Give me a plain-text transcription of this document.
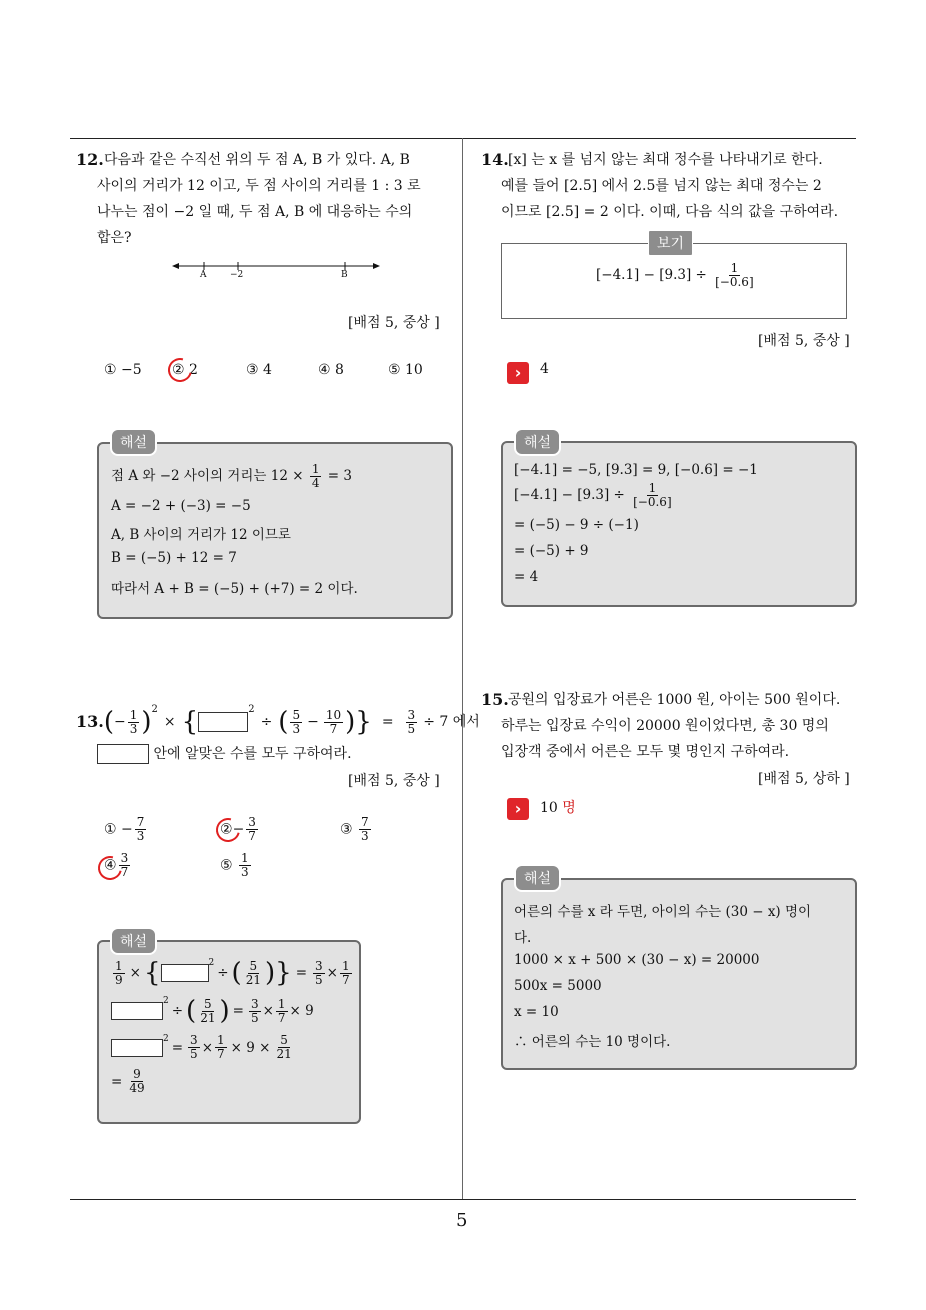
5
12. 다음과 같은 수직선 위의 두 점 A, B 가 있다. A, B
사이의 거리가 12 이고, 두 점 사이의 거리를 1 : 3 로
나누는 점이 −2 일 때, 두 점 A, B 에 대응하는 수의
합은?
A	−2	B
[배점 5, 중상 ]
① −5 ② 2	③ 4	④ 8	⑤ 10
해설
점 A 와 −2 사이의 거리는 $12 \times \frac{1}{4} = 3$
A = −2 + (−3) = −5
A, B 사이의 거리가 12 이므로
B = (−5) + 12 = 7
따라서 A + B = (−5) + (+7) = 2 이다.
13. ( − $\frac{1}{3} )^2$
× {	$^2$
÷ ( $\frac{5}{3} - \frac{10}{7}$ ) } = $\frac{3}{5} \div 7$ 에서
안에 알맞은 수를 모두 구하여라.
[배점 5, 중상 ]
① − $\frac{7}{3}$	②− $\frac{3}{7}$	③ $\frac{7}{3}$
④ $\frac{3}{7}$	⑤ $\frac{1}{3}$
해설
$\frac{1}{9}$ × {	$^2$
÷ ( $\frac{5}{21}$ ) } = $\frac{3}{5} \times \frac{1}{7}$
$^2$
÷ ( $\frac{5}{21}$ ) = $\frac{3}{5} \times \frac{1}{7} \times 9$
$^2$
= $\frac{3}{5} \times \frac{1}{7} \times 9 \times \frac{5}{21}$
= $\frac{9}{49}$
14. [x] 는 x 를 넘지 않는 최대 정수를 나타내기로 한다.
예를 들어 [2.5] 에서 2.5를 넘지 않는 최대 정수는 2
이므로 [2.5] = 2 이다. 이때, 다음 식의 값을 구하여라.
보기
$[-4.1] - [9.3] \div \frac{1}{[-0.6]}$
[배점 5, 중상 ]
›	4
해설
[−4.1] = −5, [9.3] = 9, [−0.6] = −1
$[-4.1] - [9.3] \div \frac{1}{[-0.6]}$
= (−5) − 9 ÷ (−1)
= (−5) + 9
= 4
15. 공원의 입장료가 어른은 1000 원, 아이는 500 원이다.
하루는 입장료 수익이 20000 원이었다면, 총 30 명의
입장객 중에서 어른은 모두 몇 명인지 구하여라.
[배점 5, 상하 ]
›	10 명
해설
어른의 수를 x 라 두면, 아이의 수는 (30 − x) 명이
다.
1000 × x + 500 × (30 − x) = 20000
500x = 5000
x = 10
∴ 어른의 수는 10 명이다.
